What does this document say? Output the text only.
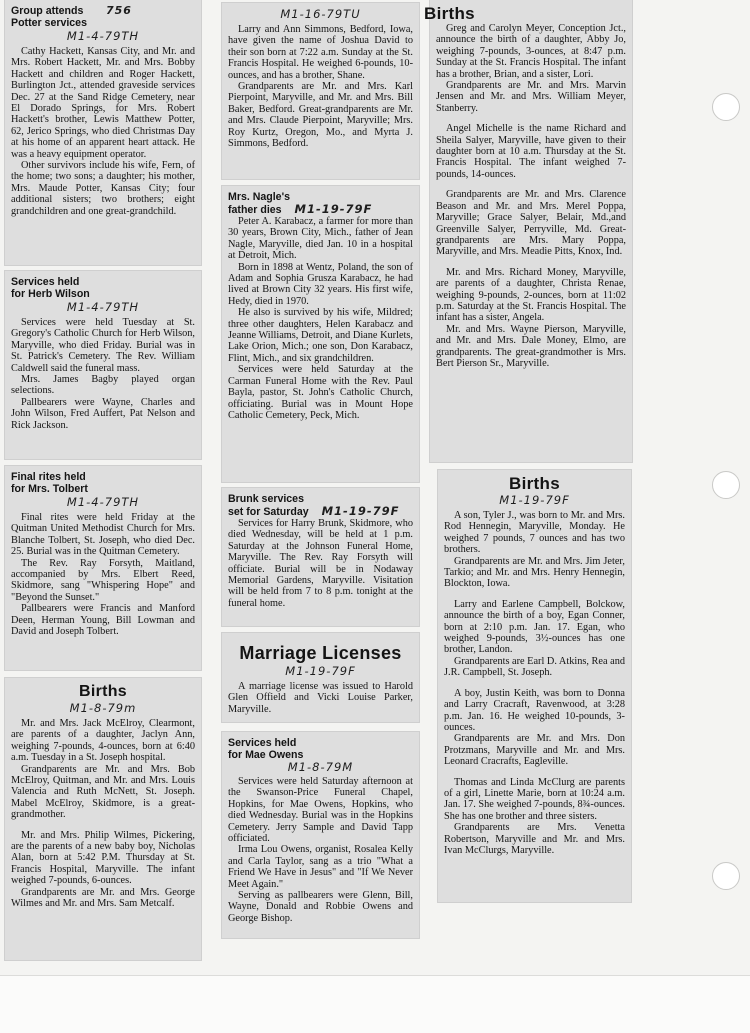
Group attends 756

Potter services
M1-4-79TH

Cathy Hackett, Kansas City, and Mr. and Mrs. Robert Hackett, Mr. and Mrs. Bobby Hackett and children and Roger Hackett, Burlington Jct., attended graveside services Dec. 27 at the Sand Ridge Cemetery, near El Dorado Springs, for Mrs. Robert Hackett's brother, Lewis Matthew Potter, 62, Jerico Springs, who died Christmas Day at his home of an apparent heart attack. He was a heavy equipment operator.

Other survivors include his wife, Fern, of the home; two sons; a daughter; his mother, Mrs. Maude Potter, Kansas City; four additional sisters; two brothers; eight grandchildren and one great-grandchild.

Services held
for Herb Wilson
M1-4-79TH

Services were held Tuesday at St. Gregory's Catholic Church for Herb Wilson, Maryville, who died Friday. Burial was in St. Patrick's Cemetery. The Rev. William Caldwell said the funeral mass.

Mrs. James Bagby played organ selections.

Pallbearers were Wayne, Charles and John Wilson, Fred Auffert, Pat Nelson and Rick Jackson.

Final rites held
for Mrs. Tolbert
M1-4-79TH

Final rites were held Friday at the Quitman United Methodist Church for Mrs. Blanche Tolbert, St. Joseph, who died Dec. 25. Burial was in the Quitman Cemetery.

The Rev. Ray Forsyth, Maitland, accompanied by Mrs. Elbert Reed, Skidmore, sang "Whispering Hope" and "Beyond the Sunset."

Pallbearers were Francis and Manford Deen, Herman Young, Bill Lowman and David and Joseph Tolbert.

Births
M1-8-79m

Mr. and Mrs. Jack McElroy, Clearmont, are parents of a daughter, Jaclyn Ann, weighing 7-pounds, 4-ounces, born at 6:40 a.m. Tuesday in a St. Joseph hospital.

Grandparents are Mr. and Mrs. Bob McElroy, Quitman, and Mr. and Mrs. Louis Valencia and Ruth McNett, St. Joseph. Mabel McElroy, Skidmore, is a great-grandmother.

Mr. and Mrs. Philip Wilmes, Pickering, are the parents of a new baby boy, Nicholas Alan, born at 5:42 P.M. Thursday at St. Francis Hospital, Maryville. The infant weighed 7-pounds, 6-ounces.

Grandparents are Mr. and Mrs. George Wilmes and Mr. and Mrs. Sam Metcalf.

M1-16-79TU

Larry and Ann Simmons, Bedford, Iowa, have given the name of Joshua David to their son born at 7:22 a.m. Sunday at the St. Francis Hospital. He weighed 6-pounds, 10-ounces, and has a brother, Shane.

Grandparents are Mr. and Mrs. Karl Pierpoint, Maryville, and Mr. and Mrs. Bill Baker, Bedford. Great-grandparents are Mr. and Mrs. Claude Pierpoint, Maryville; Mrs. Roy Kurtz, Oregon, Mo., and Myrta J. Simmons, Bedford.

Mrs. Nagle's
father dies M1-19-79F

Peter A. Karabacz, a farmer for more than 30 years, Brown City, Mich., father of Jean Nagle, Maryville, died Jan. 10 in a hospital at Detroit, Mich.

Born in 1898 at Wentz, Poland, the son of Adam and Sophia Gruszа Karabacz, he had lived at Brown City 32 years. His first wife, Hedy, died in 1970.

He also is survived by his wife, Mildred; three other daughters, Helen Karabacz and Jeanne Williams, Detroit, and Diane Kurlets, Lake Orion, Mich.; one son, Don Karabacz, Flint, Mich., and six grandchildren.

Services were held Saturday at the Carman Funeral Home with the Rev. Paul Bayla, pastor, St. John's Catholic Church, officiating. Burial was in Mount Hope Catholic Cemetery, Peck, Mich.

Brunk services
set for Saturday M1-19-79F

Services for Harry Brunk, Skidmore, who died Wednesday, will be held at 1 p.m. Saturday at the Johnson Funeral Home, Maryville. The Rev. Ray Forsyth will officiate. Burial will be in Nodaway Memorial Gardens, Maryville. Visitation will be held from 7 to 8 p.m. tonight at the funeral home.

Marriage Licenses
M1-19-79F

A marriage license was issued to Harold Glen Offield and Vicki Louise Parker, Maryville.

Services held
for Mae Owens
M1-8-79M

Services were held Saturday afternoon at the Swanson-Price Funeral Chapel, Hopkins, for Mae Owens, Hopkins, who died Wednesday. Burial was in the Hopkins Cemetery. Jerry Sample and David Tapp officiated.

Irma Lou Owens, organist, Rosalea Kelly and Carla Taylor, sang as a trio "What a Friend We Have in Jesus" and "If We Never Meet Again."

Serving as pallbearers were Glenn, Bill, Wayne, Donald and Robbie Owens and George Bishop.

Births

Greg and Carolyn Meyer, Conception Jct., announce the birth of a daughter, Abby Jo, weighing 7-pounds, 3-ounces, at 8:47 p.m. Sunday at the St. Francis Hospital. The infant has a brother, Brian, and a sister, Lori.

Grandparents are Mr. and Mrs. Marvin Jensen and Mr. and Mrs. William Meyer, Stanberry.

Angel Michelle is the name Richard and Sheila Salyer, Maryville, have given to their daughter born at 10 a.m. Thursday at the St. Francis Hospital. The infant weighed 7-pounds, 14-ounces.

Grandparents are Mr. and Mrs. Clarence Beason and Mr. and Mrs. Merel Poppa, Maryville; Grace Salyer, Belair, Md.,and Greenville Salyer, Perryville, Md. Great-grandparents are Mrs. Mary Poppa, Maryville, and Mrs. Meadie Pitts, Knox, Ind.

Mr. and Mrs. Richard Money, Maryville, are parents of a daughter, Christa Renae, weighing 9-pounds, 2-ounces, born at 11:02 p.m. Saturday at the St. Francis Hospital. The infant has a sister, Angela.

Mr. and Mrs. Wayne Pierson, Maryville, and Mr. and Mrs. Dale Money, Elmo, are grandparents. The great-grandmother is Mrs. Bert Pierson Sr., Maryville.

Births
M1-19-79F

A son, Tyler J., was born to Mr. and Mrs. Rod Hennegin, Maryville, Monday. He weighed 7 pounds, 7 ounces and has two brothers.

Grandparents are Mr. and Mrs. Jim Jeter, Tarkio; and Mr. and Mrs. Henry Hennegin, Blockton, Iowa.

Larry and Earlene Campbell, Bolckow, announce the birth of a boy, Egan Conner, born at 2:10 p.m. Jan. 17. Egan, who weighed 9-pounds, 3½-ounces has one brother, Landon.

Grandparents are Earl D. Atkins, Rea and J.R. Campbell, St. Joseph.

A boy, Justin Keith, was born to Donna and Larry Cracraft, Ravenwood, at 3:28 p.m. Jan. 16. He weighed 10-pounds, 3-ounces.

Grandparents are Mr. and Mrs. Don Protzmans, Maryville and Mr. and Mrs. Leonard Cracrafts, Eagleville.

Thomas and Linda McClurg are parents of a girl, Linette Marie, born at 10:24 a.m. Jan. 17. She weighed 7-pounds, 8¾-ounces. She has one brother and three sisters.

Grandparents are Mrs. Venetta Robertson, Maryville and Mr. and Mrs. Ivan McClurgs, Maryville.
